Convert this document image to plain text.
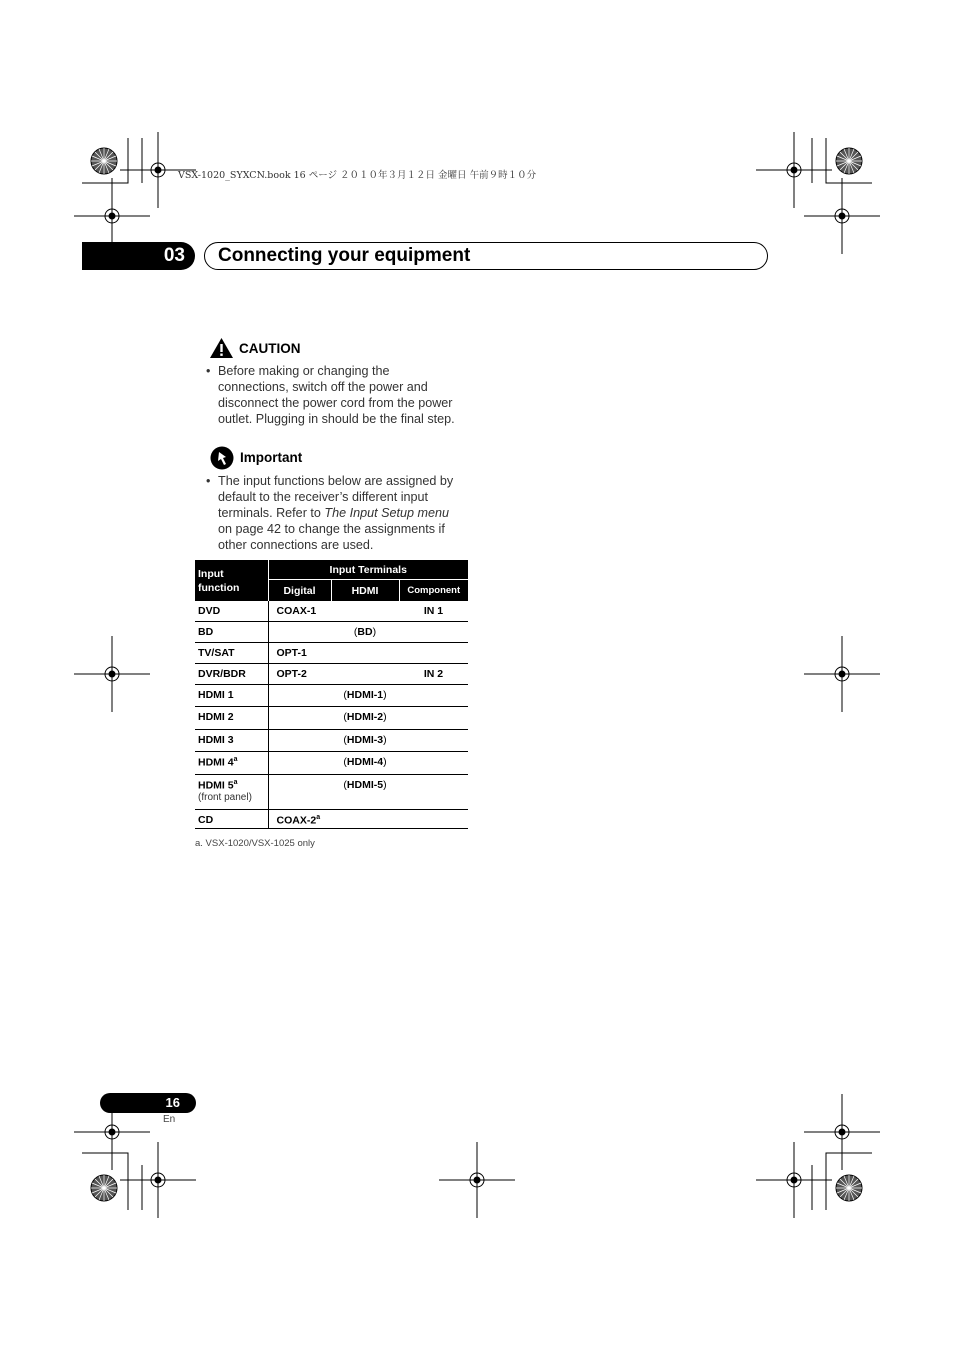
VSX-1020_SYXCN.book 16 ページ ２０１０年３月１２日 金曜日 午前９時１０分
03	Connecting your equipment
CAUTION
• Before making or changing the
connections, switch off the power and
disconnect the power cord from the power
outlet. Plugging in should be the final step.
Important
• The input functions below are assigned by
default to the receiver’s different input
terminals. Refer to The Input Setup menu
on page 42 to change the assignments if
other connections are used.
Input function	Input Terminals		
	Digital	HDMI	Component
DVD	COAX-1		IN 1
BD		(BD)	
TV/SAT	OPT-1		
DVR/BDR	OPT-2		IN 2
HDMI 1		(HDMI-1)	
HDMI 2		(HDMI-2)	
HDMI 3		(HDMI-3)	
HDMI 4$^a$		(HDMI-4)	
HDMI 5$^a$
(front panel)		(HDMI-5)	
CD	COAX-2$^a$		
a. VSX-1020/VSX-1025 only
16
En
